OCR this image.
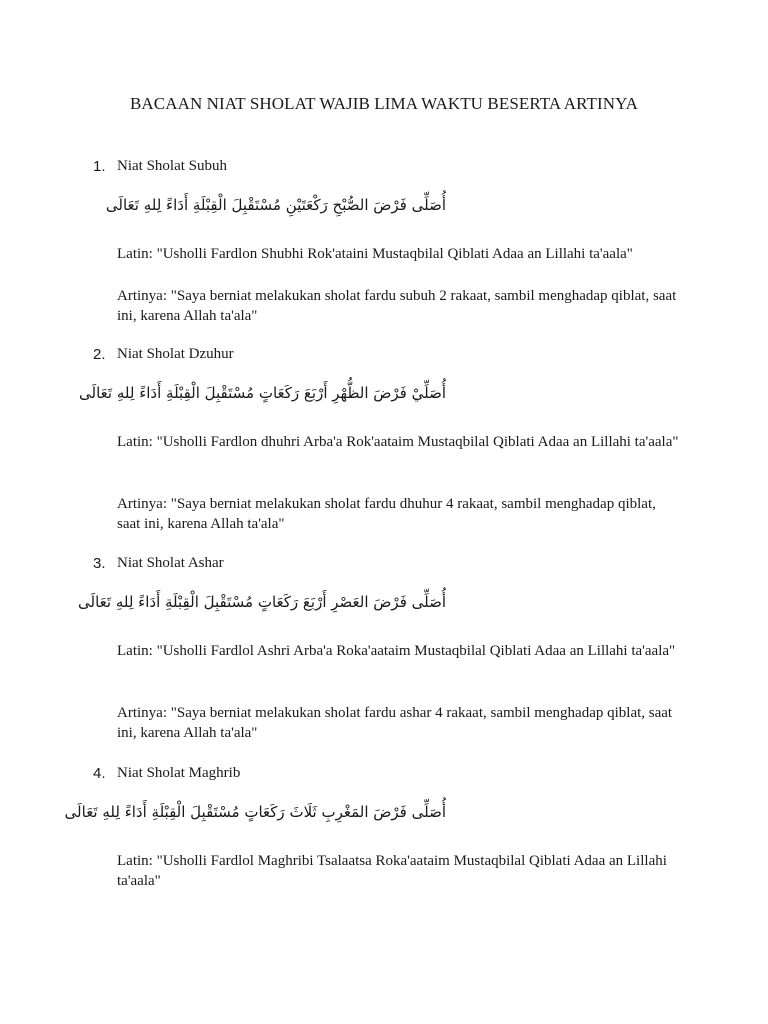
BACAAN NIAT SHOLAT WAJIB LIMA WAKTU BESERTA ARTINYA
1. Niat Sholat Subuh
أُصَلِّى فَرْضَ الصُّبْحِ رَكْعَتَيْنِ مُسْتَقْبِلَ الْقِبْلَةِ أَدَاءً لِلهِ تَعَالَى
Latin: "Usholli Fardlon Shubhi Rok'ataini Mustaqbilal Qiblati Adaa an Lillahi ta'aala"
Artinya: "Saya berniat melakukan sholat fardu subuh 2 rakaat, sambil menghadap qiblat, saat ini, karena Allah ta'ala"
2. Niat Sholat Dzuhur
أُصَلِّيْ فَرْضَ الظُّهْرِ أَرْبَعَ رَكَعَاتٍ مُسْتَقْبِلَ الْقِبْلَةِ أَدَاءً لِلهِ تَعَالَى
Latin: "Usholli Fardlon dhuhri Arba'a Rok'aataim Mustaqbilal Qiblati Adaa an Lillahi ta'aala"
Artinya: "Saya berniat melakukan sholat fardu dhuhur 4 rakaat, sambil menghadap qiblat, saat ini, karena Allah ta'ala"
3. Niat Sholat Ashar
أُصَلِّى فَرْضَ العَصْرِ أَرْبَعَ رَكَعَاتٍ مُسْتَقْبِلَ الْقِبْلَةِ أَدَاءً لِلهِ تَعَالَى
Latin: "Usholli Fardlol Ashri Arba'a Roka'aataim Mustaqbilal Qiblati Adaa an Lillahi ta'aala"
Artinya: "Saya berniat melakukan sholat fardu ashar 4 rakaat, sambil menghadap qiblat, saat ini, karena Allah ta'ala"
4. Niat Sholat Maghrib
أُصَلِّى فَرْضَ المَغْرِبِ ثَلَاثَ رَكَعَاتٍ مُسْتَقْبِلَ الْقِبْلَةِ أَدَاءً لِلهِ تَعَالَى
Latin: "Usholli Fardlol Maghribi Tsalaatsa Roka'aataim Mustaqbilal Qiblati Adaa an Lillahi ta'aala"
